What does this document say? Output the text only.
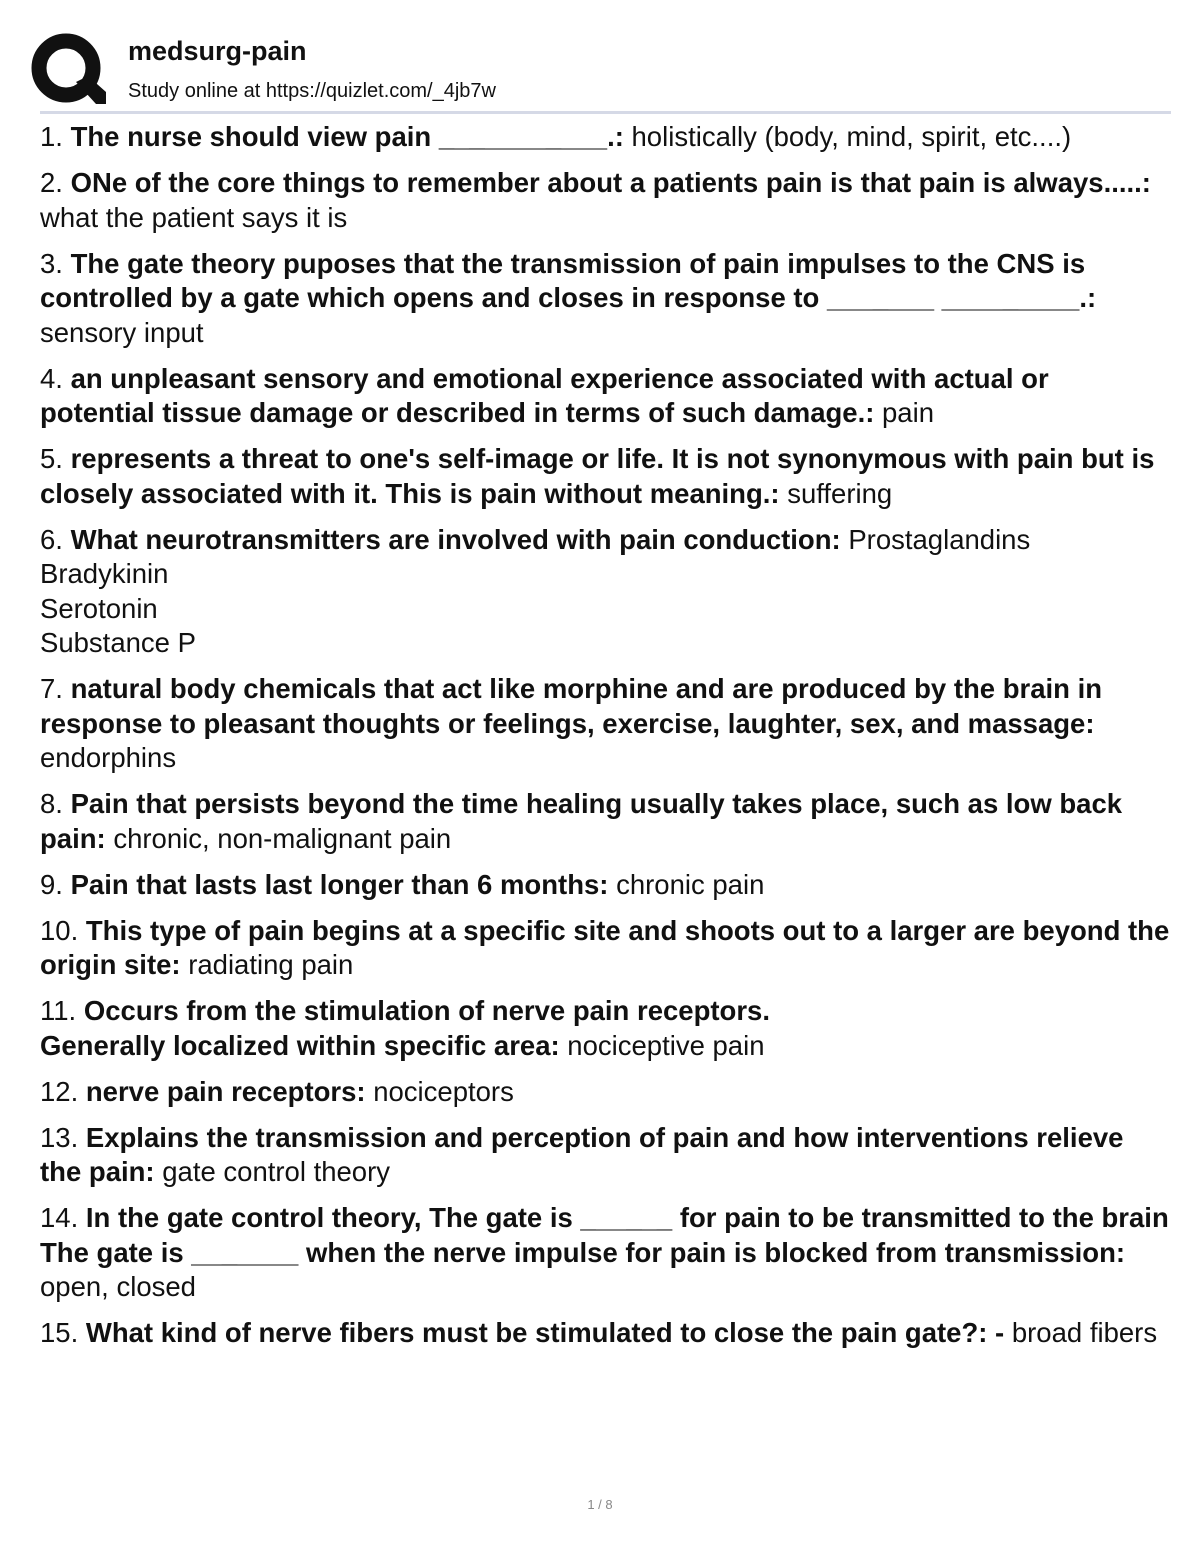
medsurg-pain
Study online at https://quizlet.com/_4jb7w

1. The nurse should view pain ___________.: holistically (body, mind, spirit, etc....)

2. ONe of the core things to remember about a patients pain is that pain is always.....: what the patient says it is

3. The gate theory puposes that the transmission of pain impulses to the CNS is controlled by a gate which opens and closes in response to _______ _________.: sensory input

4. an unpleasant sensory and emotional experience associated with actual or potential tissue damage or described in terms of such damage.: pain

5. represents a threat to one's self-image or life. It is not synonymous with pain but is closely associated with it. This is pain without meaning.: suffering

6. What neurotransmitters are involved with pain conduction: Prostaglandins
Bradykinin
Serotonin
Substance P

7. natural body chemicals that act like morphine and are produced by the brain in response to pleasant thoughts or feelings, exercise, laughter, sex, and massage: endorphins

8. Pain that persists beyond the time healing usually takes place, such as low back pain: chronic, non-malignant pain

9. Pain that lasts last longer than 6 months: chronic pain

10. This type of pain begins at a specific site and shoots out to a larger are beyond the origin site: radiating pain

11. Occurs from the stimulation of nerve pain receptors.
Generally localized within specific area: nociceptive pain

12. nerve pain receptors: nociceptors

13. Explains the transmission and perception of pain and how interventions relieve the pain: gate control theory

14. In the gate control theory, The gate is ______ for pain to be transmitted to the brain
The gate is _______ when the nerve impulse for pain is blocked from transmission: open, closed

15. What kind of nerve fibers must be stimulated to close the pain gate?: - broad fibers

1 / 8
